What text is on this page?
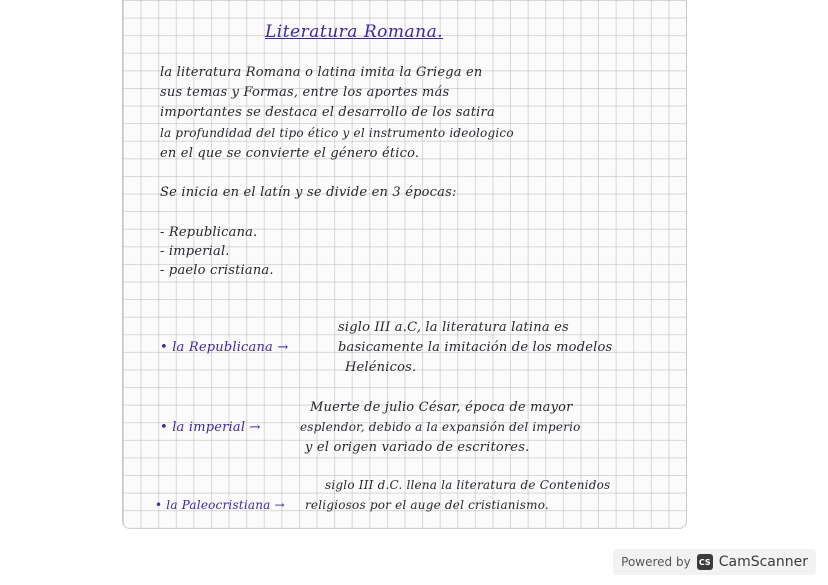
Literatura Romana.
la literatura Romana o latina imita la Griega en
sus temas y Formas, entre los aportes más
importantes se destaca el desarrollo de los satira
la profundidad del tipo ético y el instrumento ideologico
en el que se convierte el género ético.
Se inicia en el latín y se divide en 3 épocas:
- Republicana.
- imperial.
- paelo cristiana.
siglo III a.C, la literatura latina es
• la Republicana →	basicamente la imitación de los modelos
Helénicos.
Muerte de julio César, época de mayor
• la imperial →	esplendor, debido a la expansión del imperio
y el origen variado de escritores.
siglo III d.C. llena la literatura de Contenidos
• la Paleocristiana → religiosos por el auge del cristianismo.
Powered by CS CamScanner
